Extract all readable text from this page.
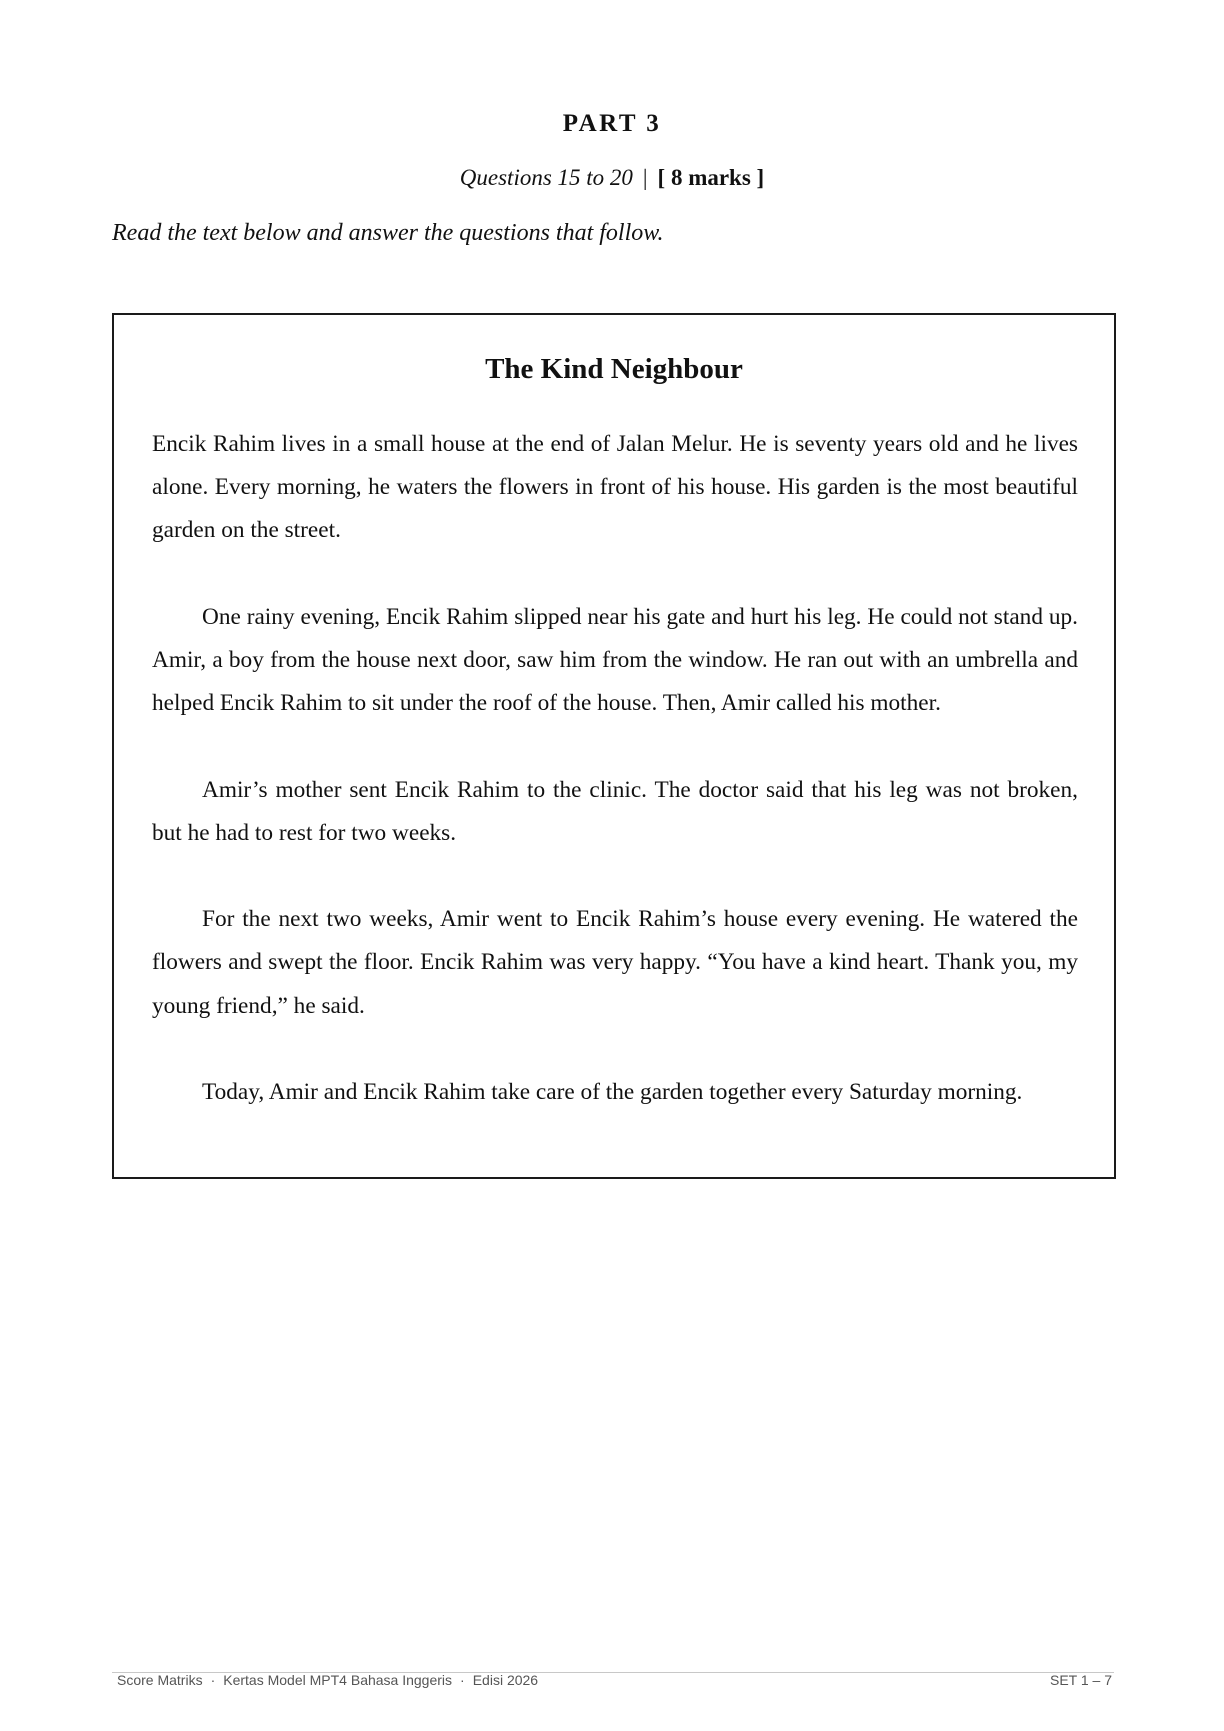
PART 3
Questions 15 to 20 | [ 8 marks ]
Read the text below and answer the questions that follow.
The Kind Neighbour

Encik Rahim lives in a small house at the end of Jalan Melur. He is seventy years old and he lives alone. Every morning, he waters the flowers in front of his house. His garden is the most beautiful garden on the street.

One rainy evening, Encik Rahim slipped near his gate and hurt his leg. He could not stand up. Amir, a boy from the house next door, saw him from the window. He ran out with an umbrella and helped Encik Rahim to sit under the roof of the house. Then, Amir called his mother.

Amir’s mother sent Encik Rahim to the clinic. The doctor said that his leg was not broken, but he had to rest for two weeks.

For the next two weeks, Amir went to Encik Rahim’s house every evening. He watered the flowers and swept the floor. Encik Rahim was very happy. “You have a kind heart. Thank you, my young friend,” he said.

Today, Amir and Encik Rahim take care of the garden together every Saturday morning.

Score Matriks · Kertas Model MPT4 Bahasa Inggeris · Edisi 2026	SET 1 – 7
